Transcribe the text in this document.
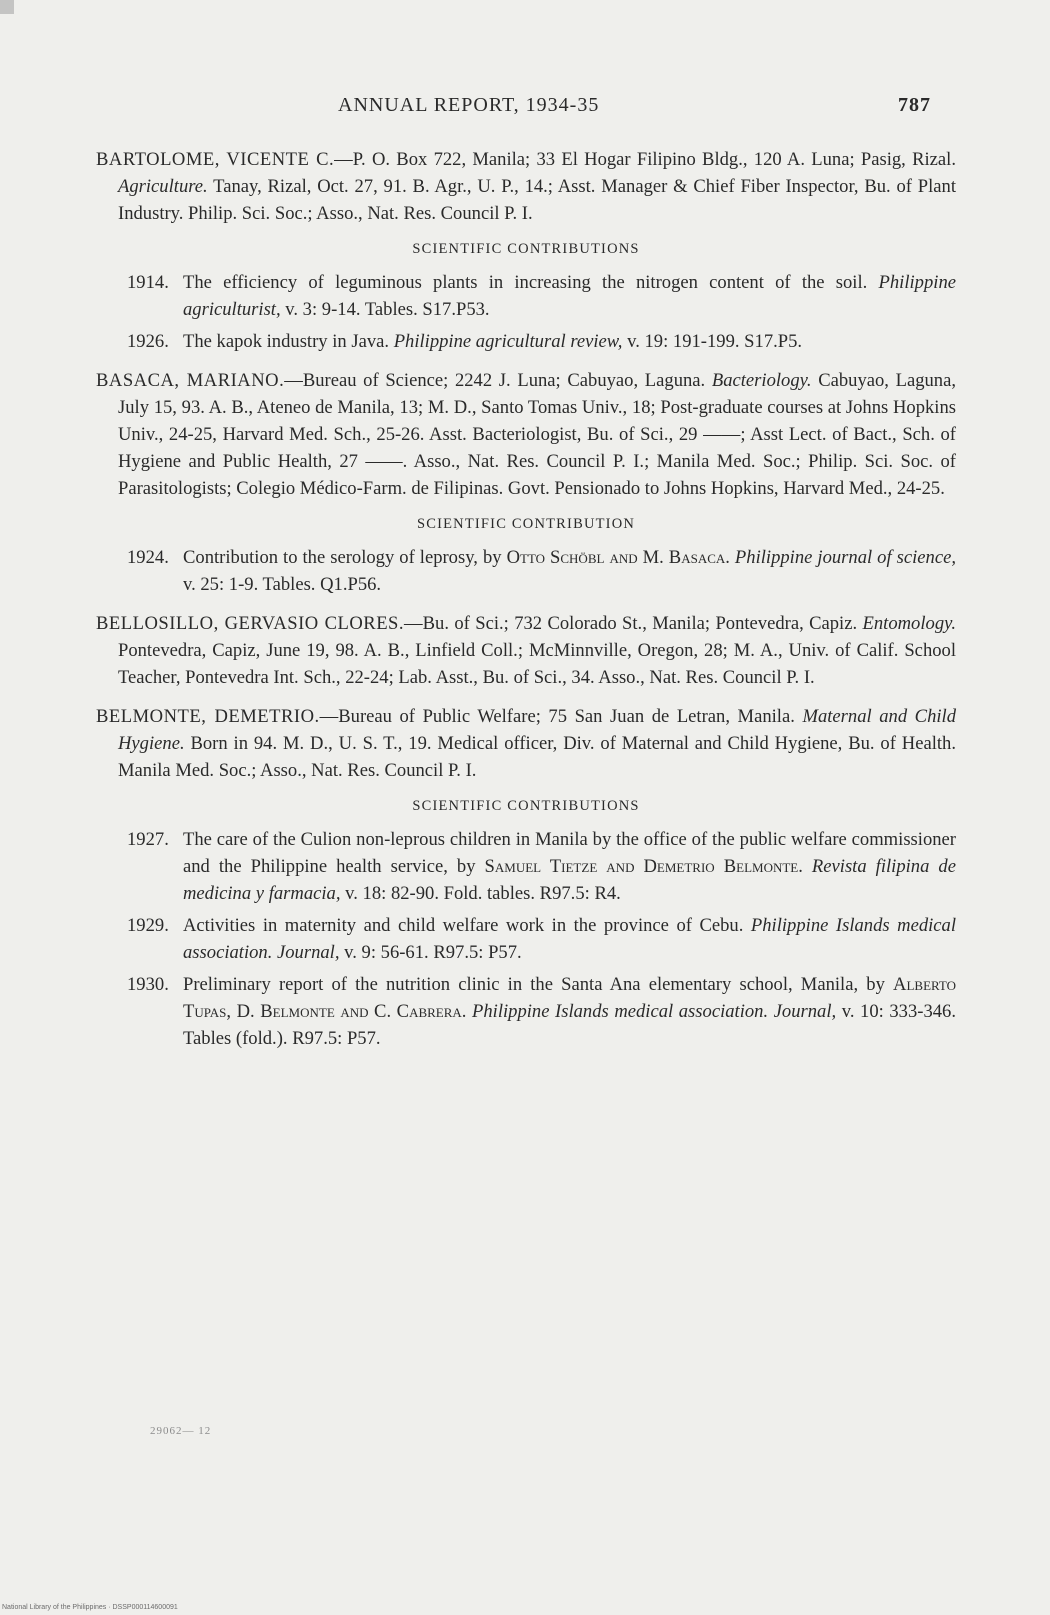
ANNUAL REPORT, 1934-35	787

BARTOLOME, VICENTE C.—P. O. Box 722, Manila; 33 El Hogar Filipino Bldg., 120 A. Luna; Pasig, Rizal. Agriculture. Tanay, Rizal, Oct. 27, 91. B. Agr., U. P., 14.; Asst. Manager & Chief Fiber Inspector, Bu. of Plant Industry. Philip. Sci. Soc.; Asso., Nat. Res. Council P. I.

SCIENTIFIC CONTRIBUTIONS

1914. The efficiency of leguminous plants in increasing the nitrogen content of the soil. Philippine agriculturist, v. 3: 9-14. Tables. S17.P53.

1926. The kapok industry in Java. Philippine agricultural review, v. 19: 191-199. S17.P5.

BASACA, MARIANO.—Bureau of Science; 2242 J. Luna; Cabuyao, Laguna. Bacteriology. Cabuyao, Laguna, July 15, 93. A. B., Ateneo de Manila, 13; M. D., Santo Tomas Univ., 18; Post-graduate courses at Johns Hopkins Univ., 24-25, Harvard Med. Sch., 25-26. Asst. Bacteriologist, Bu. of Sci., 29 ——; Asst Lect. of Bact., Sch. of Hygiene and Public Health, 27 ——. Asso., Nat. Res. Council P. I.; Manila Med. Soc.; Philip. Sci. Soc. of Parasitologists; Colegio Médico-Farm. de Filipinas. Govt. Pensionado to Johns Hopkins, Harvard Med., 24-25.

SCIENTIFIC CONTRIBUTION

1924. Contribution to the serology of leprosy, by Otto Schöbl and M. Basaca. Philippine journal of science, v. 25: 1-9. Tables. Q1.P56.

BELLOSILLO, GERVASIO CLORES.—Bu. of Sci.; 732 Colorado St., Manila; Pontevedra, Capiz. Entomology. Pontevedra, Capiz, June 19, 98. A. B., Linfield Coll.; McMinnville, Oregon, 28; M. A., Univ. of Calif. School Teacher, Pontevedra Int. Sch., 22-24; Lab. Asst., Bu. of Sci., 34. Asso., Nat. Res. Council P. I.

BELMONTE, DEMETRIO.—Bureau of Public Welfare; 75 San Juan de Letran, Manila. Maternal and Child Hygiene. Born in 94. M. D., U. S. T., 19. Medical officer, Div. of Maternal and Child Hygiene, Bu. of Health. Manila Med. Soc.; Asso., Nat. Res. Council P. I.

SCIENTIFIC CONTRIBUTIONS

1927. The care of the Culion non-leprous children in Manila by the office of the public welfare commissioner and the Philippine health service, by Samuel Tietze and Demetrio Belmonte. Revista filipina de medicina y farmacia, v. 18: 82-90. Fold. tables. R97.5: R4.

1929. Activities in maternity and child welfare work in the province of Cebu. Philippine Islands medical association. Journal, v. 9: 56-61. R97.5: P57.

1930. Preliminary report of the nutrition clinic in the Santa Ana elementary school, Manila, by Alberto Tupas, D. Belmonte and C. Cabrera. Philippine Islands medical association. Journal, v. 10: 333-346. Tables (fold.). R97.5: P57.

29062— 12
National Library of the Philippines · DSSP000114600091
